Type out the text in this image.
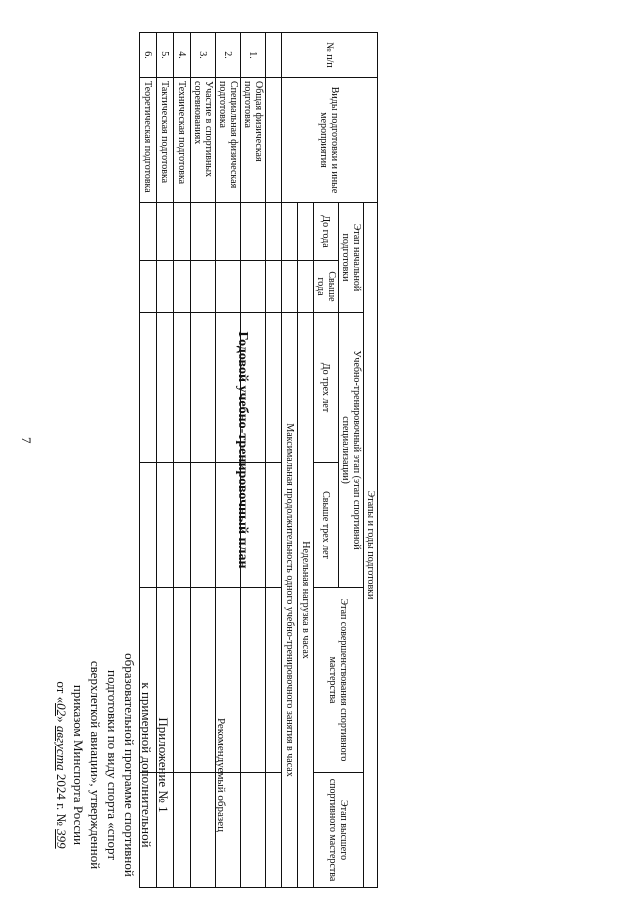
7
Приложение № 1
к примерной дополнительной
образовательной программе спортивной
подготовки по виду спорта «спорт
сверхлегкой авиации», утвержденной
приказом Минспорта России
от «02» августа 2024 г. № 399
Рекомендуемый образец
Годовой учебно-тренировочный план
№ п/п	Виды подготовки и иные мероприятия	Этапы и годы подготовки					
		Этап начальной подготовки		Учебно-тренировочный этап (этап спортивной специализации)		Этап совершенствования спортивного мастерства	Этап высшего спортивного мастерства
		До года	Свыше года	До трех лет	Свыше трех лет		
				Недельная нагрузка в часах			
				Максимальная продолжительность одного учебно-тренировочного занятия в часах			

1.	Общая физическая подготовка						
2.	Специальная физическая подготовка						
3.	Участие в спортивных соревнованиях						
4.	Техническая подготовка						
5.	Тактическая подготовка						
6.	Теоретическая подготовка						
